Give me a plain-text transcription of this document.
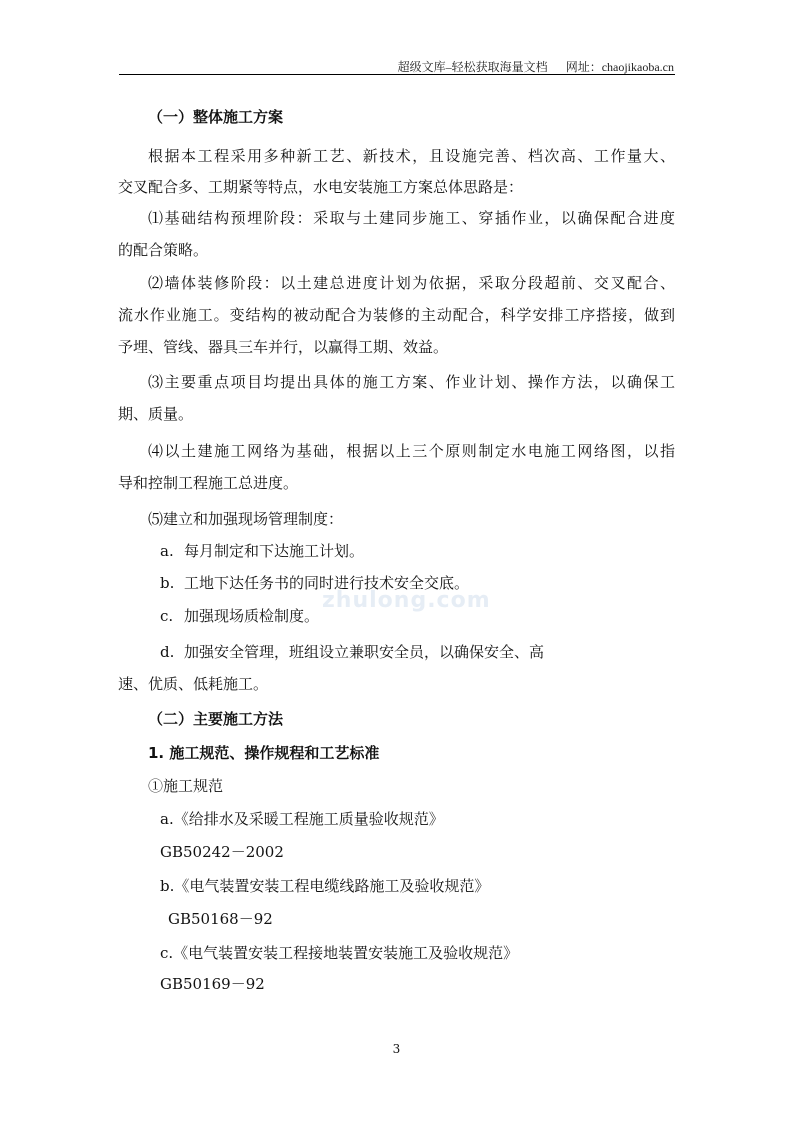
超级文库–轻松获取海量文档 网址：chaojikaoba.cn
zhulong.com
（一）整体施工方案
根据本工程采用多种新工艺、新技术，且设施完善、档次高、工作量大、
交叉配合多、工期紧等特点，水电安装施工方案总体思路是：
⑴基础结构预埋阶段：采取与土建同步施工、穿插作业，以确保配合进度
的配合策略。
⑵墙体装修阶段：以土建总进度计划为依据，采取分段超前、交叉配合、
流水作业施工。变结构的被动配合为装修的主动配合，科学安排工序搭接，做到
予埋、管线、器具三车并行，以赢得工期、效益。
⑶主要重点项目均提出具体的施工方案、作业计划、操作方法，以确保工
期、质量。
⑷以土建施工网络为基础，根据以上三个原则制定水电施工网络图，以指
导和控制工程施工总进度。
⑸建立和加强现场管理制度：
a. 每月制定和下达施工计划。
b. 工地下达任务书的同时进行技术安全交底。
c. 加强现场质检制度。
d. 加强安全管理，班组设立兼职安全员，以确保安全、高
速、优质、低耗施工。
（二）主要施工方法
1. 施工规范、操作规程和工艺标准
①施工规范
a.《给排水及采暖工程施工质量验收规范》
GB50242－2002
b.《电气装置安装工程电缆线路施工及验收规范》
GB50168－92
c.《电气装置安装工程接地装置安装施工及验收规范》
GB50169－92
3
